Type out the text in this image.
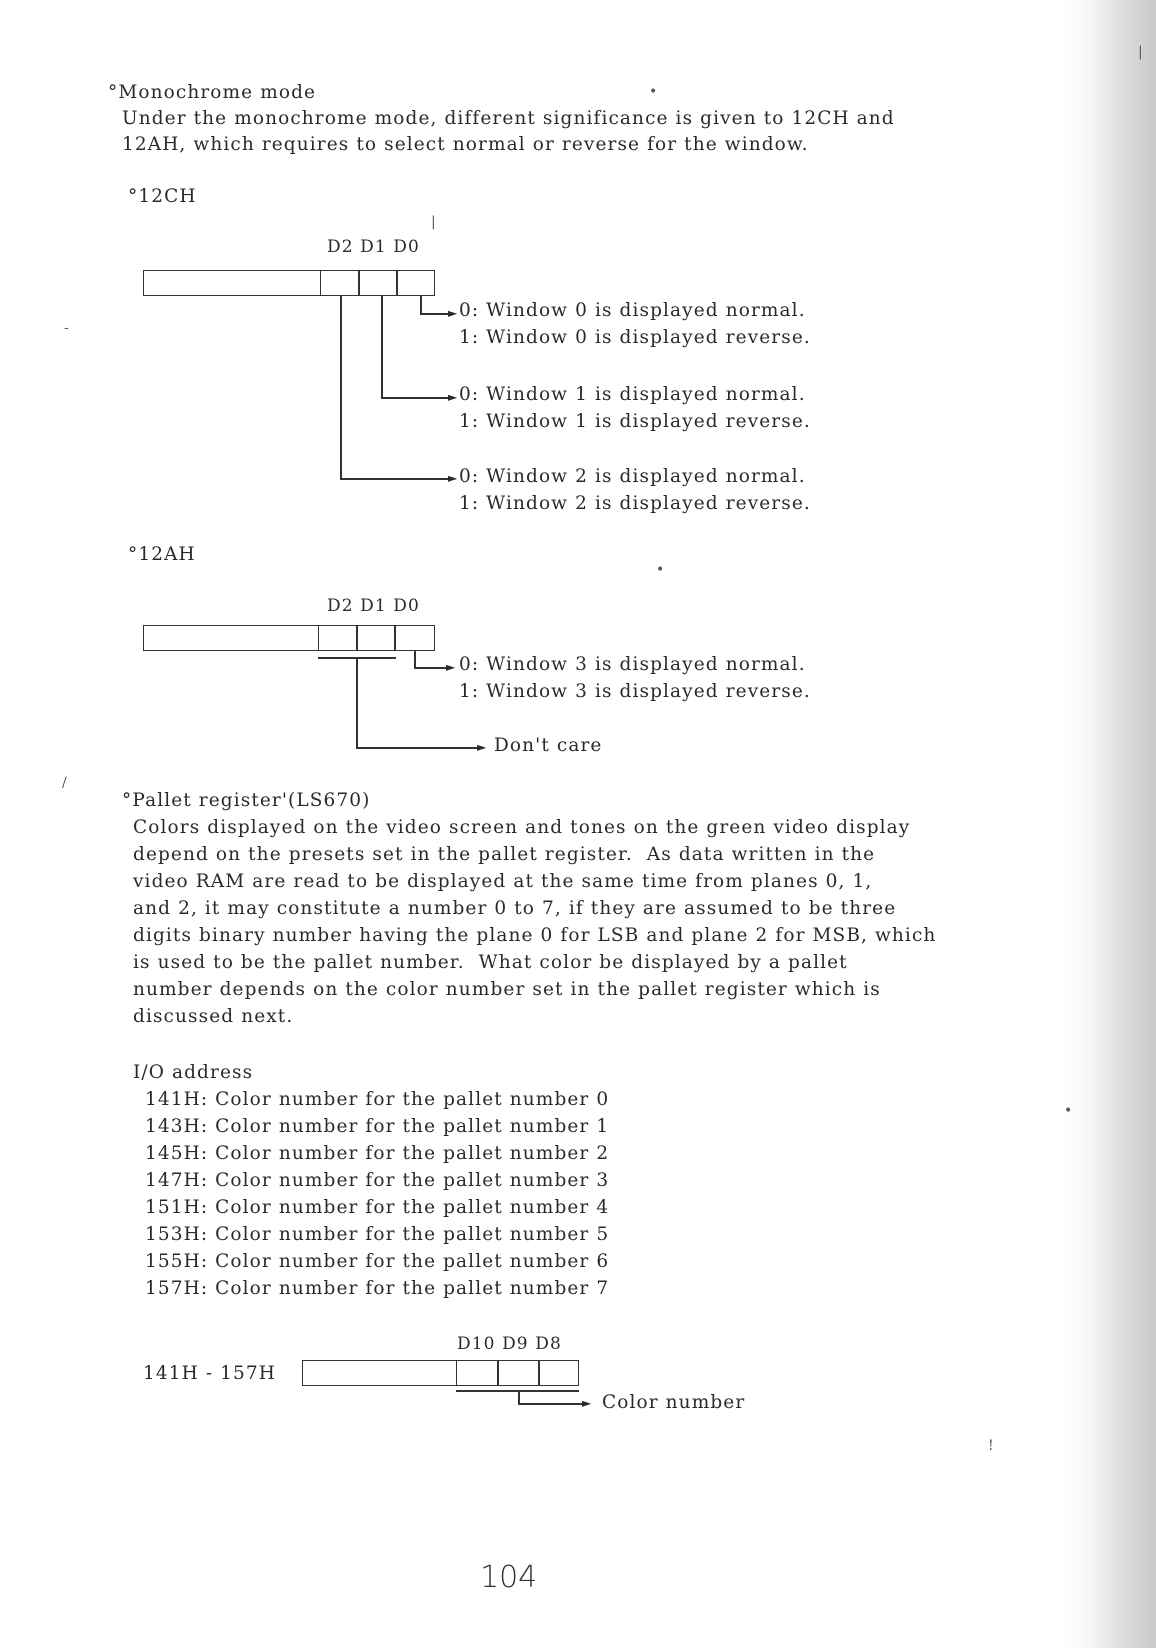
°Monochrome mode
Under the monochrome mode, different significance is given to 12CH and
12AH, which requires to select normal or reverse for the window.
°12CH
D2 D1 D0
►
►
►
0: Window 0 is displayed normal.
1: Window 0 is displayed reverse.
0: Window 1 is displayed normal.
1: Window 1 is displayed reverse.
0: Window 2 is displayed normal.
1: Window 2 is displayed reverse.
°12AH
D2 D1 D0
►
►
0: Window 3 is displayed normal.
1: Window 3 is displayed reverse.
Don't care
°Pallet register'(LS670)
Colors displayed on the video screen and tones on the green video display
depend on the presets set in the pallet register.  As data written in the
video RAM are read to be displayed at the same time from planes 0, 1,
and 2, it may constitute a number 0 to 7, if they are assumed to be three
digits binary number having the plane 0 for LSB and plane 2 for MSB, which
is used to be the pallet number.  What color be displayed by a pallet
number depends on the color number set in the pallet register which is
discussed next.
I/O address
141H: Color number for the pallet number 0
143H: Color number for the pallet number 1
145H: Color number for the pallet number 2
147H: Color number for the pallet number 3
151H: Color number for the pallet number 4
153H: Color number for the pallet number 5
155H: Color number for the pallet number 6
157H: Color number for the pallet number 7
D10 D9 D8
141H - 157H
► Color number
104
•
|
-
•
/
•
|
!
